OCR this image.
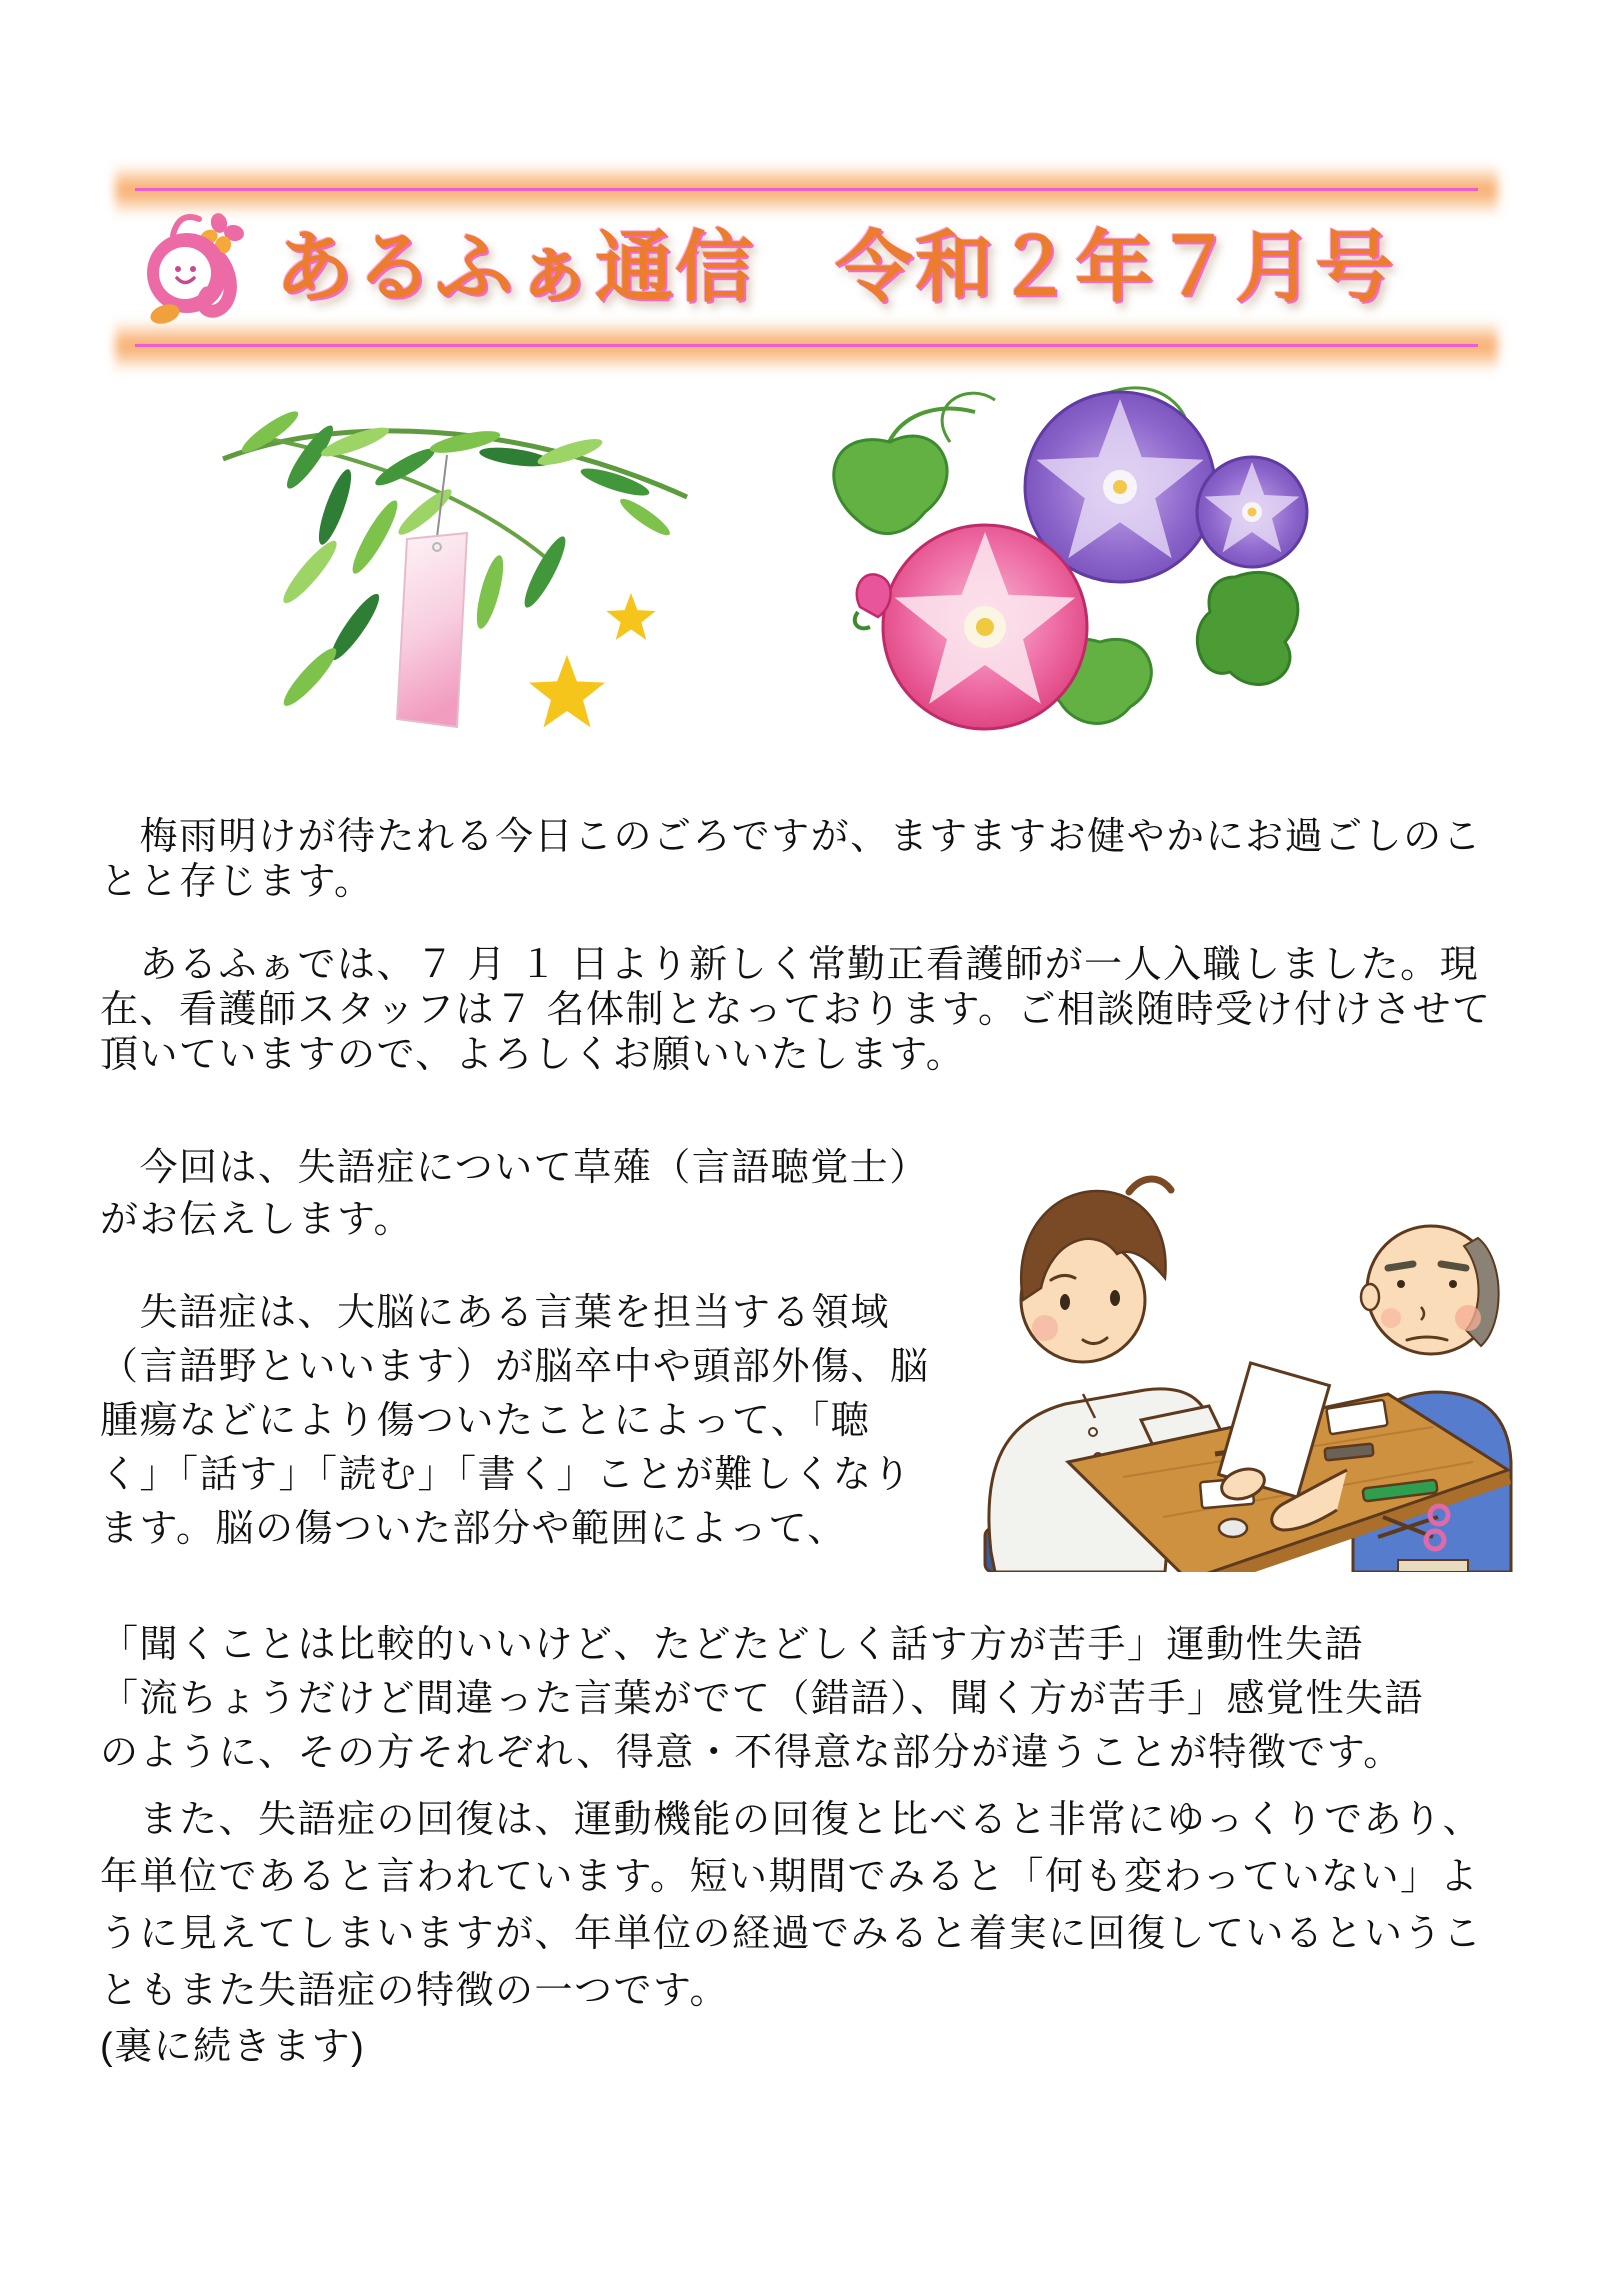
あるふぁ通信　令和２年７月号
　梅雨明けが待たれる今日このごろですが、ますますお健やかにお過ごしのこ
とと存じます。
　あるふぁでは、７ 月 １ 日より新しく常勤正看護師が一人入職しました。現
在、看護師スタッフは７ 名体制となっております。ご相談随時受け付けさせて
頂いていますので、よろしくお願いいたします。
　今回は、失語症について草薙（言語聴覚士）
がお伝えします。
　失語症は、大脳にある言葉を担当する領域
（言語野といいます）が脳卒中や頭部外傷、脳
腫瘍などにより傷ついたことによって、「聴
く」「話す」「読む」「書く」ことが難しくなり
ます。脳の傷ついた部分や範囲によって、
「聞くことは比較的いいけど、たどたどしく話す方が苦手」運動性失語
「流ちょうだけど間違った言葉がでて（錯語）、聞く方が苦手」感覚性失語
のように、その方それぞれ、得意・不得意な部分が違うことが特徴です。
　また、失語症の回復は、運動機能の回復と比べると非常にゆっくりであり、
年単位であると言われています。短い期間でみると「何も変わっていない」よ
うに見えてしまいますが、年単位の経過でみると着実に回復しているというこ
ともまた失語症の特徴の一つです。
(裏に続きます)
